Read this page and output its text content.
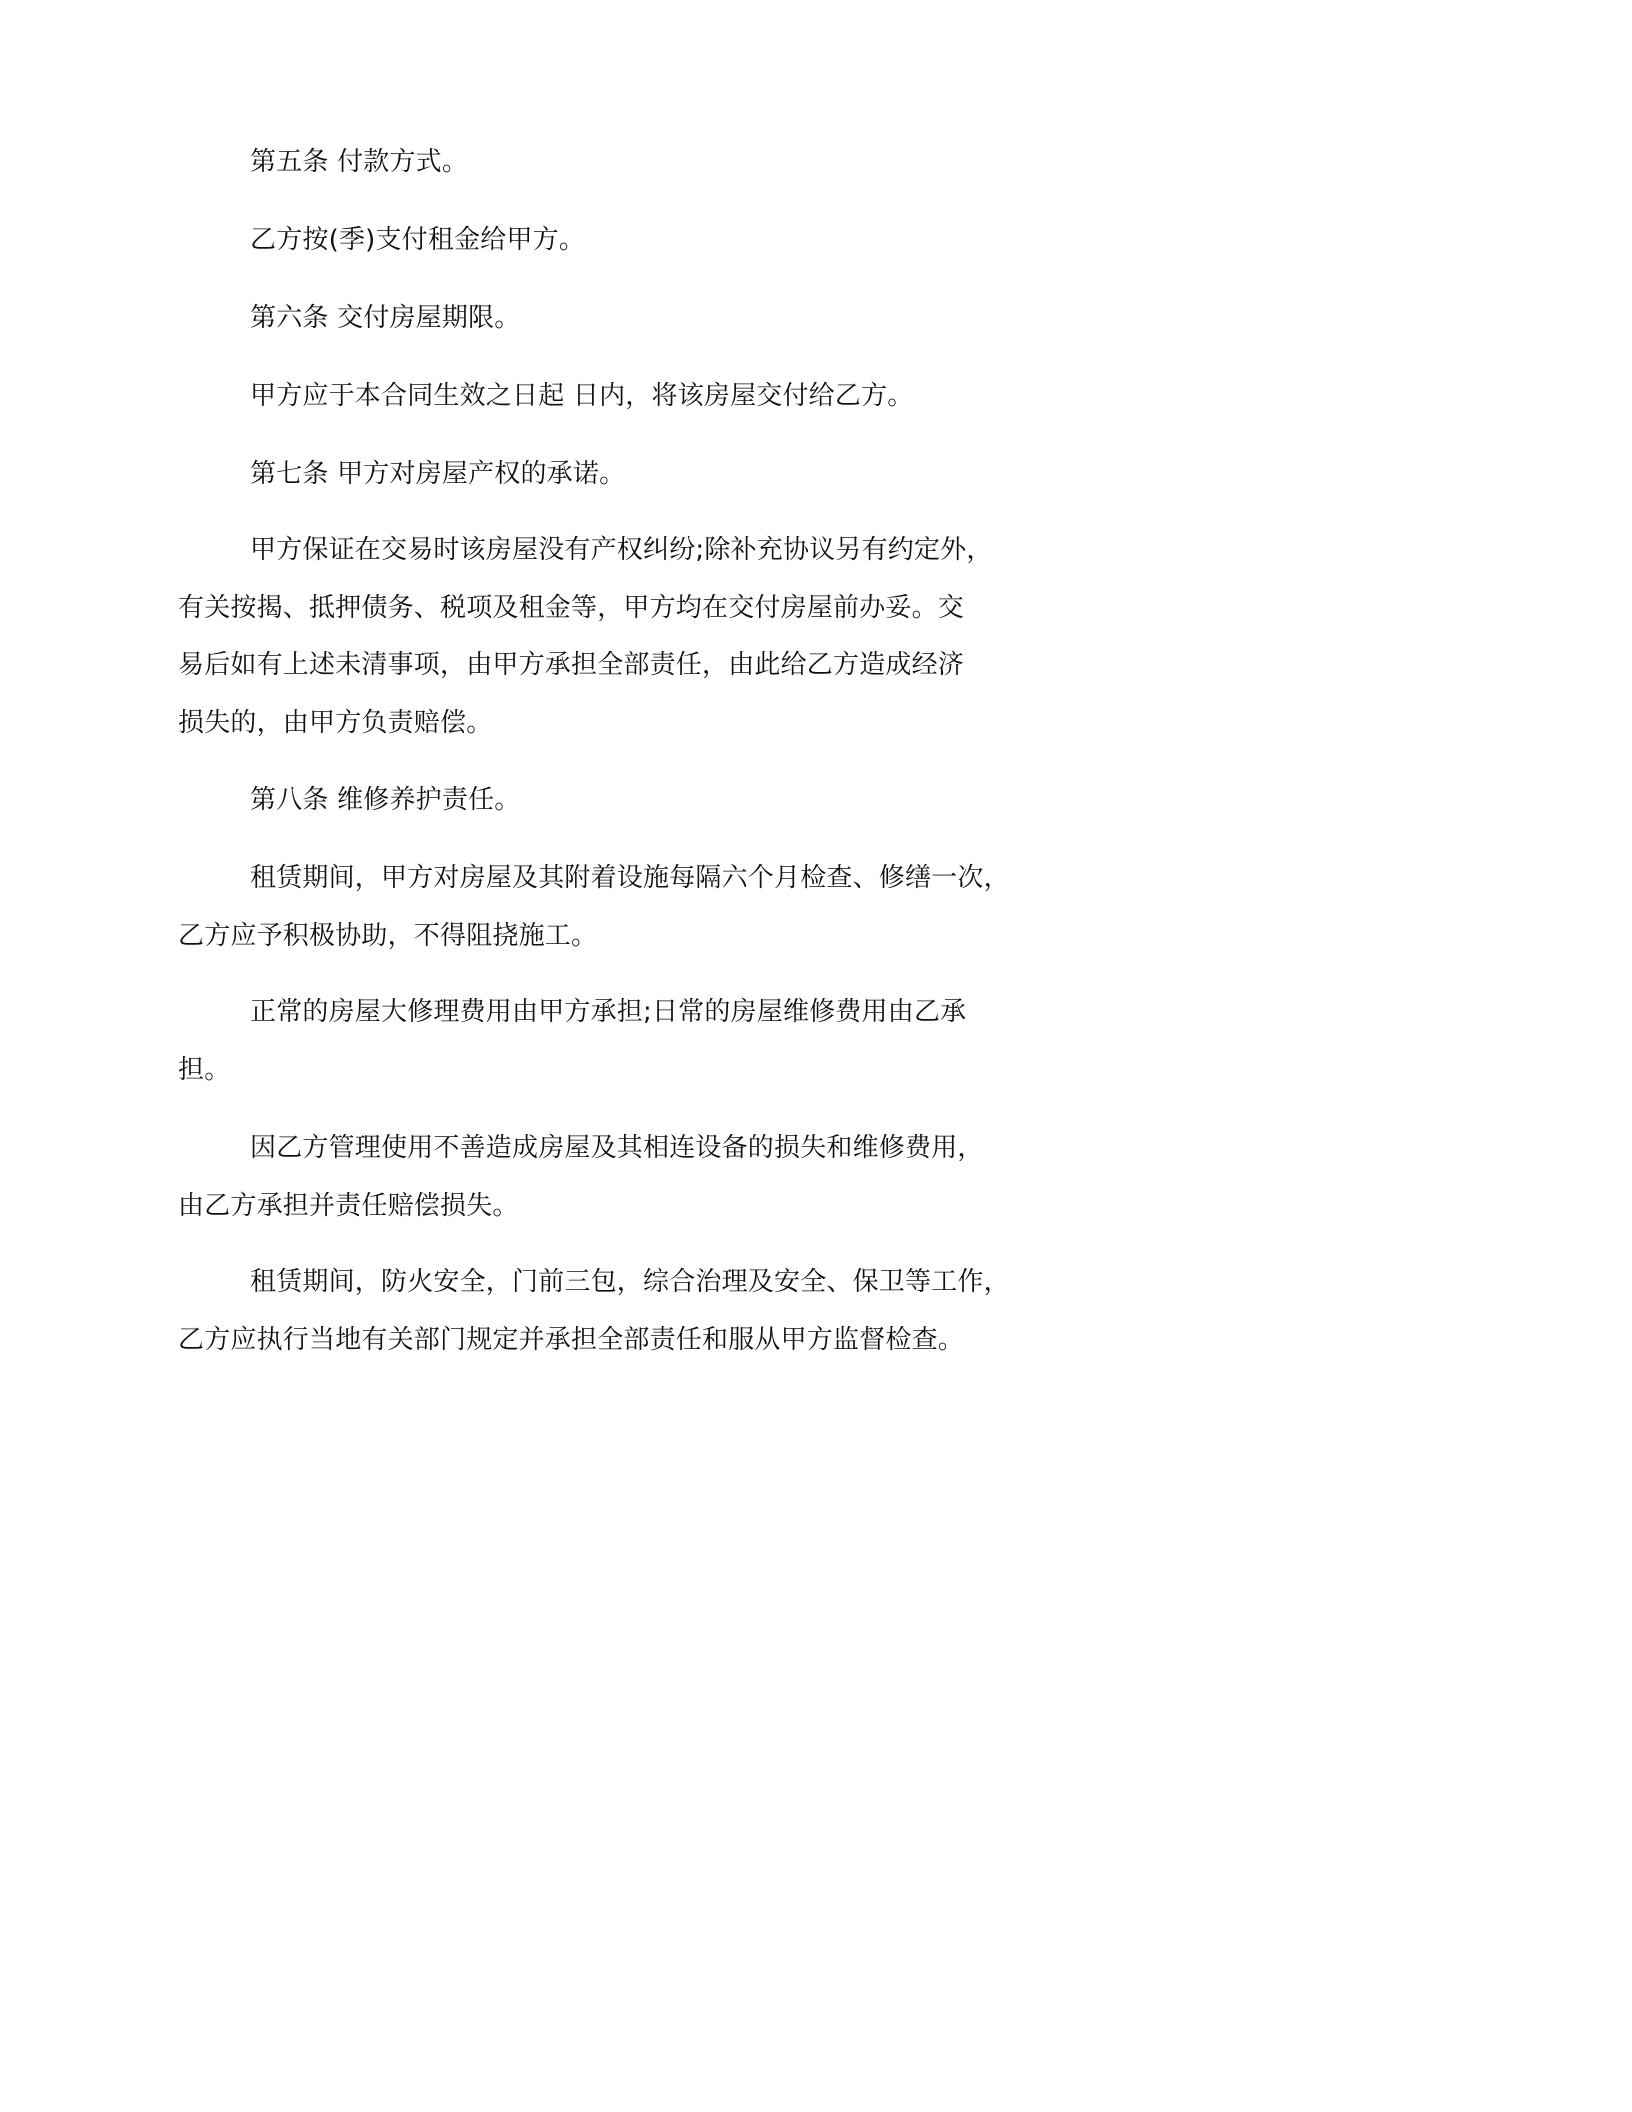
第五条 付款方式。

乙方按(季)支付租金给甲方。

第六条 交付房屋期限。

甲方应于本合同生效之日起 日内，将该房屋交付给乙方。

第七条 甲方对房屋产权的承诺。

甲方保证在交易时该房屋没有产权纠纷;除补充协议另有约定外，
有关按揭、抵押债务、税项及租金等，甲方均在交付房屋前办妥。交
易后如有上述未清事项，由甲方承担全部责任，由此给乙方造成经济
损失的，由甲方负责赔偿。

第八条 维修养护责任。

租赁期间，甲方对房屋及其附着设施每隔六个月检查、修缮一次，
乙方应予积极协助，不得阻挠施工。

正常的房屋大修理费用由甲方承担;日常的房屋维修费用由乙承
担。

因乙方管理使用不善造成房屋及其相连设备的损失和维修费用，
由乙方承担并责任赔偿损失。

租赁期间，防火安全，门前三包，综合治理及安全、保卫等工作，
乙方应执行当地有关部门规定并承担全部责任和服从甲方监督检查。
